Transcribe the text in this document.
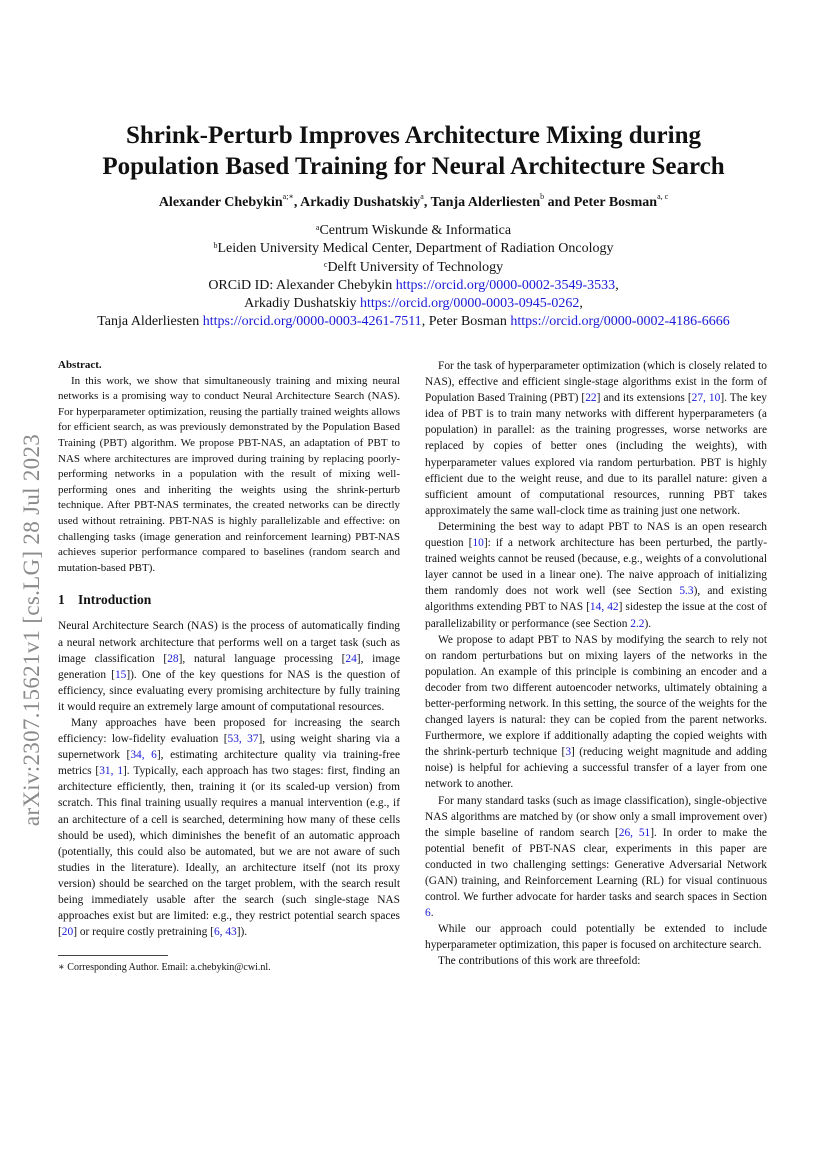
Shrink-Perturb Improves Architecture Mixing during
Population Based Training for Neural Architecture Search
Alexander Chebykin$^{a;∗}$, Arkadiy Dushatskiy$^a$, Tanja Alderliesten$^b$ and Peter Bosman$^{a, c}$
$^a$Centrum Wiskunde & Informatica
$^b$Leiden University Medical Center, Department of Radiation Oncology
$^c$Delft University of Technology
ORCiD ID: Alexander Chebykin https://orcid.org/0000-0002-3549-3533,
Arkadiy Dushatskiy https://orcid.org/0000-0003-0945-0262,
Tanja Alderliesten https://orcid.org/0000-0003-4261-7511, Peter Bosman https://orcid.org/0000-0002-4186-6666
arXiv:2307.15621v1 [cs.LG] 28 Jul 2023
Abstract.

In this work, we show that simultaneously training and mixing neural networks is a promising way to conduct Neural Architecture Search (NAS). For hyperparameter optimization, reusing the partially trained weights allows for efficient search, as was previously demonstrated by the Population Based Training (PBT) algorithm. We propose PBT-NAS, an adaptation of PBT to NAS where architectures are improved during training by replacing poorly-performing networks in a population with the result of mixing well-performing ones and inheriting the weights using the shrink-perturb technique. After PBT-NAS terminates, the created networks can be directly used without retraining. PBT-NAS is highly parallelizable and effective: on challenging tasks (image generation and reinforcement learning) PBT-NAS achieves superior performance compared to baselines (random search and mutation-based PBT).

1 Introduction

Neural Architecture Search (NAS) is the process of automatically finding a neural network architecture that performs well on a target task (such as image classification [28], natural language processing [24], image generation [15]). One of the key questions for NAS is the question of efficiency, since evaluating every promising architecture by fully training it would require an extremely large amount of computational resources.

Many approaches have been proposed for increasing the search efficiency: low-fidelity evaluation [53, 37], using weight sharing via a supernetwork [34, 6], estimating architecture quality via training-free metrics [31, 1]. Typically, each approach has two stages: first, finding an architecture efficiently, then, training it (or its scaled-up version) from scratch. This final training usually requires a manual intervention (e.g., if an architecture of a cell is searched, determining how many of these cells should be used), which diminishes the benefit of an automatic approach (potentially, this could also be automated, but we are not aware of such studies in the literature). Ideally, an architecture itself (not its proxy version) should be searched on the target problem, with the search result being immediately usable after the search (such single-stage NAS approaches exist but are limited: e.g., they restrict potential search spaces [20] or require costly pretraining [6, 43]).

∗ Corresponding Author. Email: a.chebykin@cwi.nl.

For the task of hyperparameter optimization (which is closely related to NAS), effective and efficient single-stage algorithms exist in the form of Population Based Training (PBT) [22] and its extensions [27, 10]. The key idea of PBT is to train many networks with different hyperparameters (a population) in parallel: as the training progresses, worse networks are replaced by copies of better ones (including the weights), with hyperparameter values explored via random perturbation. PBT is highly efficient due to the weight reuse, and due to its parallel nature: given a sufficient amount of computational resources, running PBT takes approximately the same wall-clock time as training just one network.

Determining the best way to adapt PBT to NAS is an open research question [10]: if a network architecture has been perturbed, the partly-trained weights cannot be reused (because, e.g., weights of a convolutional layer cannot be used in a linear one). The naive approach of initializing them randomly does not work well (see Section 5.3), and existing algorithms extending PBT to NAS [14, 42] sidestep the issue at the cost of parallelizability or performance (see Section 2.2).

We propose to adapt PBT to NAS by modifying the search to rely not on random perturbations but on mixing layers of the networks in the population. An example of this principle is combining an encoder and a decoder from two different autoencoder networks, ultimately obtaining a better-performing network. In this setting, the source of the weights for the changed layers is natural: they can be copied from the parent networks. Furthermore, we explore if additionally adapting the copied weights with the shrink-perturb technique [3] (reducing weight magnitude and adding noise) is helpful for achieving a successful transfer of a layer from one network to another.

For many standard tasks (such as image classification), single-objective NAS algorithms are matched by (or show only a small improvement over) the simple baseline of random search [26, 51]. In order to make the potential benefit of PBT-NAS clear, experiments in this paper are conducted in two challenging settings: Generative Adversarial Network (GAN) training, and Reinforcement Learning (RL) for visual continuous control. We further advocate for harder tasks and search spaces in Section 6.

While our approach could potentially be extended to include hyperparameter optimization, this paper is focused on architecture search.

The contributions of this work are threefold:
